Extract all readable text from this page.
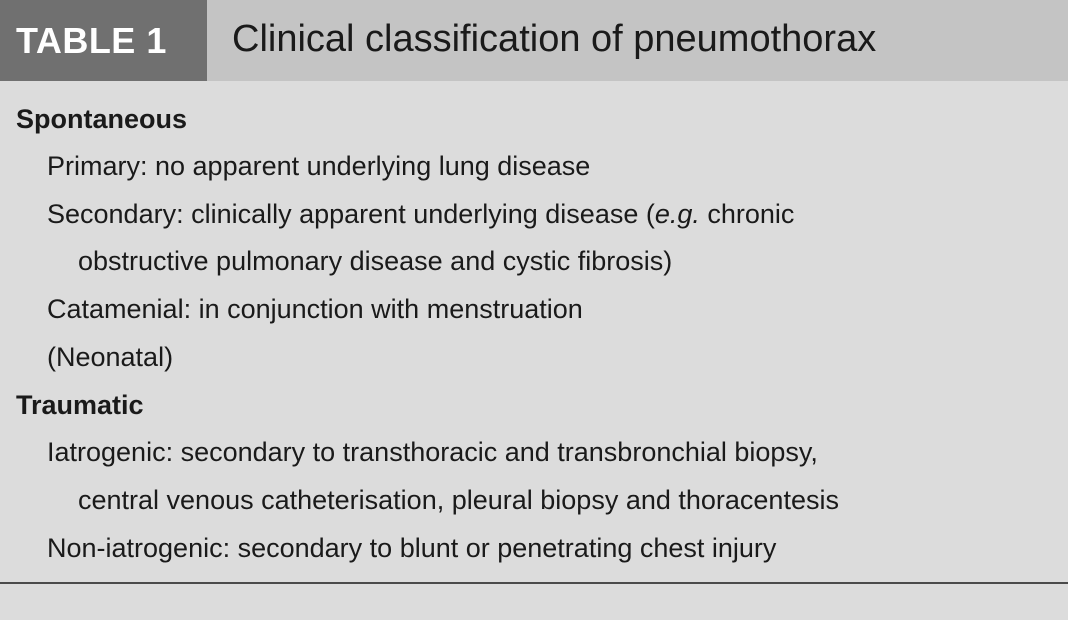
TABLE 1 Clinical classification of pneumothorax
Spontaneous
Primary: no apparent underlying lung disease
Secondary: clinically apparent underlying disease (e.g. chronic
obstructive pulmonary disease and cystic fibrosis)
Catamenial: in conjunction with menstruation
(Neonatal)
Traumatic
Iatrogenic: secondary to transthoracic and transbronchial biopsy,
central venous catheterisation, pleural biopsy and thoracentesis
Non-iatrogenic: secondary to blunt or penetrating chest injury
